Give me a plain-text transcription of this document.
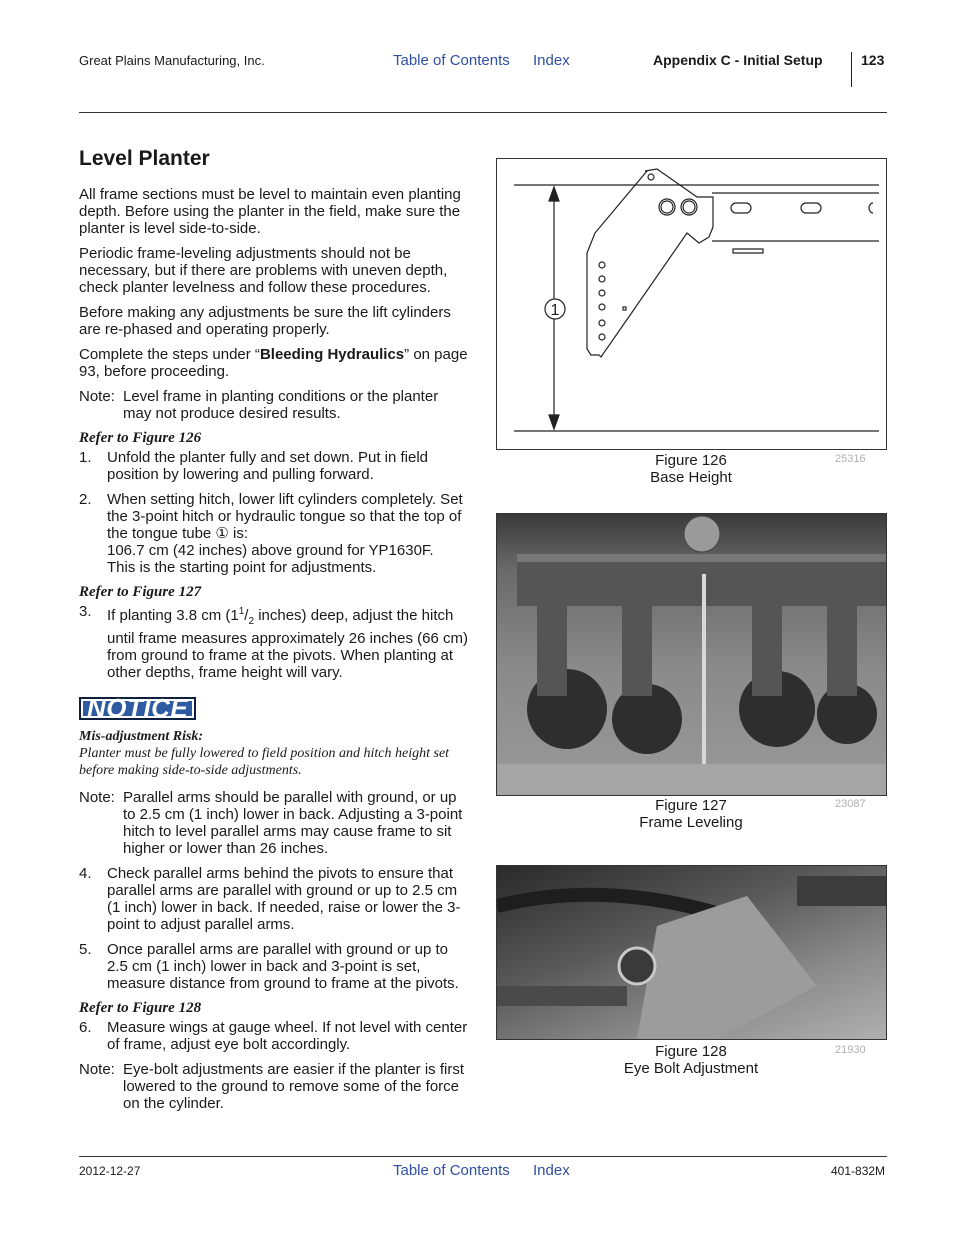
Great Plains Manufacturing, Inc.	Table of Contents Index	Appendix C - Initial Setup	123
Level Planter

All frame sections must be level to maintain even planting depth. Before using the planter in the field, make sure the planter is level side-to-side.

Periodic frame-leveling adjustments should not be necessary, but if there are problems with uneven depth, check planter levelness and follow these procedures.

Before making any adjustments be sure the lift cylinders are re-phased and operating properly.

Complete the steps under “Bleeding Hydraulics” on page 93, before proceeding.

Note: Level frame in planting conditions or the planter may not produce desired results.
Refer to Figure 126
1.	Unfold the planter fully and set down. Put in field position by lowering and pulling forward.
2.	When setting hitch, lower lift cylinders completely. Set the 3-point hitch or hydraulic tongue so that the top of the tongue tube ① is:
106.7 cm (42 inches) above ground for YP1630F.
This is the starting point for adjustments.
Refer to Figure 127
3.	If planting 3.8 cm ($1^1/_2$ inches) deep, adjust the hitch until frame measures approximately 26 inches (66 cm) from ground to frame at the pivots. When planting at other depths, frame height will vary.
NOTICE
Mis-adjustment Risk:
Planter must be fully lowered to field position and hitch height set before making side-to-side adjustments.
Note: Parallel arms should be parallel with ground, or up to 2.5 cm (1 inch) lower in back. Adjusting a 3-point hitch to level parallel arms may cause frame to sit higher or lower than 26 inches.
4.	Check parallel arms behind the pivots to ensure that parallel arms are parallel with ground or up to 2.5 cm (1 inch) lower in back. If needed, raise or lower the 3-point to adjust parallel arms.
5.	Once parallel arms are parallel with ground or up to 2.5 cm (1 inch) lower in back and 3-point is set, measure distance from ground to frame at the pivots.
Refer to Figure 128
6.	Measure wings at gauge wheel. If not level with center of frame, adjust eye bolt accordingly.
Note: Eye-bolt adjustments are easier if the planter is first lowered to the ground to remove some of the force on the cylinder.
1
Figure 126
Base Height
25316
Figure 127
Frame Leveling
23087
Figure 128
Eye Bolt Adjustment
21930
2012-12-27	Table of Contents Index	401-832M
